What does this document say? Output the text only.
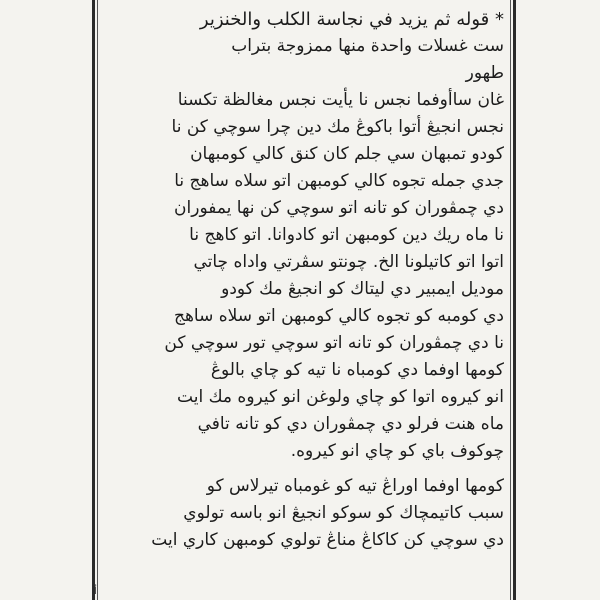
* قوله ثم يزيد في نجاسة الكلب والخنزير
ست غسلات واحدة منها ممزوجة بتراب
طهور
غان ساأوفما نجس نا يأيت نجس مغالظة تكسنا
نجس انجيڠ أتوا باكوڠ مك دين چرا سوچي كن نا
كودو تمبهان سي جلم كان كنق كالي كومبهان
جدي جمله تجوه كالي كومبهن اتو سلاه ساهج نا
دي چمڤوران كو تانه اتو سوچي كن نها يمفوران
نا ماه ريك دين كومبهن اتو كادوانا. اتو كاهج نا
اتوا اتو كاتيلونا الخ. چونتو سڤرتي واداه چاتي
موديل ايمبير دي ليتاك كو انجيڠ مك كودو
دي كومبه كو تجوه كالي كومبهن اتو سلاه ساهج
نا دي چمڤوران كو تانه اتو سوچي تور سوچي كن
كومها اوفما دي كومباه نا تيه كو چاي بالوڠ
انو كيروه اتوا كو چاي ولوغن انو كيروه مك ايت
ماه هنت فرلو دي چمڤوران دي كو تانه تافي
چوكوف باي كو چاي انو كيروه.
كومها اوفما اوراڠ تيه كو غومباه تيرلاس كو
سبب كاتيمچاك كو سوكو انجيڠ انو باسه تولوي
دي سوچي كن كاكاڠ مناڠ تولوي كومبهن كاري ايت
أ
